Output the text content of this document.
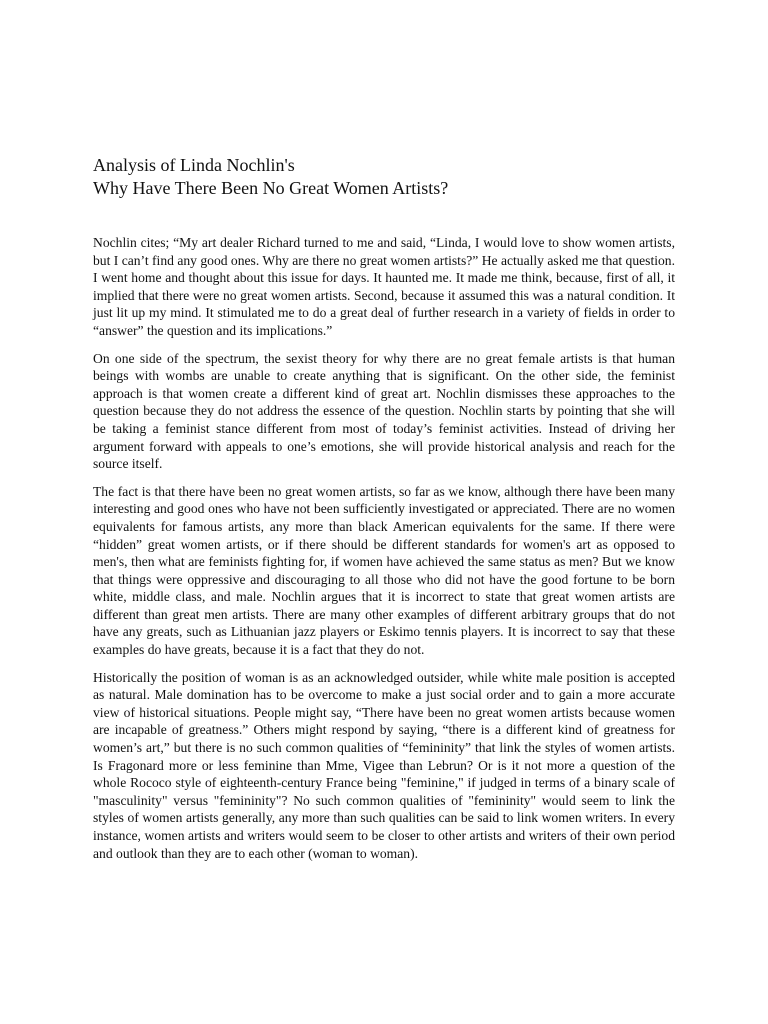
Analysis of Linda Nochlin's
Why Have There Been No Great Women Artists?

Nochlin cites; “My art dealer Richard turned to me and said, “Linda, I would love to show women artists, but I can’t find any good ones. Why are there no great women artists?” He actually asked me that question. I went home and thought about this issue for days. It haunted me. It made me think, because, first of all, it implied that there were no great women artists. Second, because it assumed this was a natural condition. It just lit up my mind. It stimulated me to do a great deal of further research in a variety of fields in order to “answer” the question and its implications.”

On one side of the spectrum, the sexist theory for why there are no great female artists is that human beings with wombs are unable to create anything that is significant. On the other side, the feminist approach is that women create a different kind of great art. Nochlin dismisses these approaches to the question because they do not address the essence of the question. Nochlin starts by pointing that she will be taking a feminist stance different from most of today’s feminist activities. Instead of driving her argument forward with appeals to one’s emotions, she will provide historical analysis and reach for the source itself.

The fact is that there have been no great women artists, so far as we know, although there have been many interesting and good ones who have not been sufficiently investigated or appreciated. There are no women equivalents for famous artists, any more than black American equivalents for the same. If there were “hidden” great women artists, or if there should be different standards for women's art as opposed to men's, then what are feminists fighting for, if women have achieved the same status as men? But we know that things were oppressive and discouraging to all those who did not have the good fortune to be born white, middle class, and male. Nochlin argues that it is incorrect to state that great women artists are different than great men artists. There are many other examples of different arbitrary groups that do not have any greats, such as Lithuanian jazz players or Eskimo tennis players. It is incorrect to say that these examples do have greats, because it is a fact that they do not.

Historically the position of woman is as an acknowledged outsider, while white male position is accepted as natural. Male domination has to be overcome to make a just social order and to gain a more accurate view of historical situations. People might say, “There have been no great women artists because women are incapable of greatness.” Others might respond by saying, “there is a different kind of greatness for women’s art,” but there is no such common qualities of “femininity” that link the styles of women artists. Is Fragonard more or less feminine than Mme, Vigee than Lebrun? Or is it not more a question of the whole Rococo style of eighteenth-century France being "feminine," if judged in terms of a binary scale of "masculinity" versus "femininity"? No such common qualities of "femininity" would seem to link the styles of women artists generally, any more than such qualities can be said to link women writers. In every instance, women artists and writers would seem to be closer to other artists and writers of their own period and outlook than they are to each other (woman to woman).
